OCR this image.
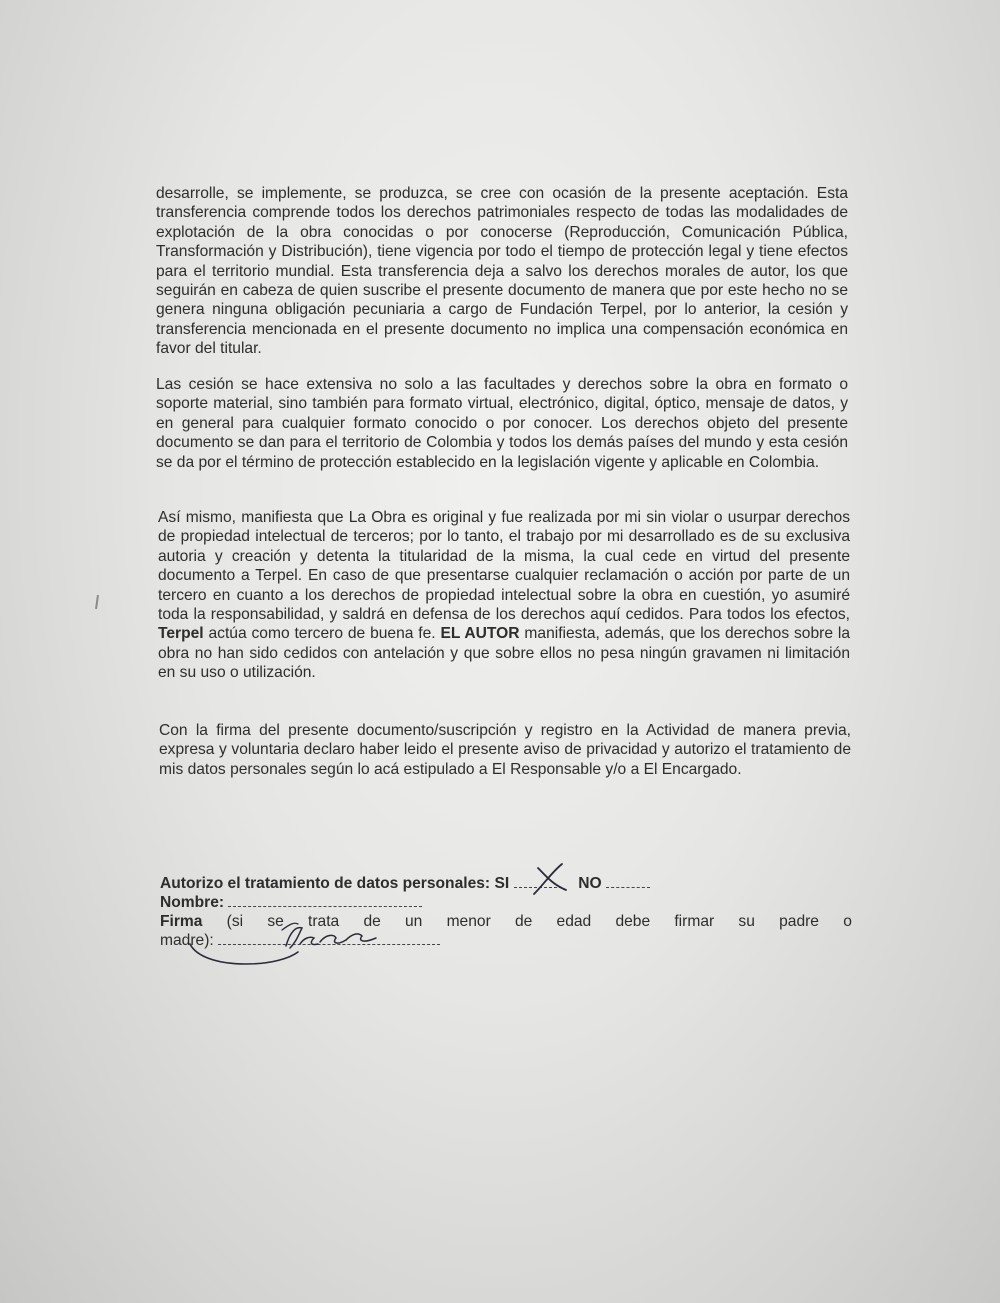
desarrolle, se implemente, se produzca, se cree con ocasión de la presente aceptación. Esta transferencia comprende todos los derechos patrimoniales respecto de todas las modalidades de explotación de la obra conocidas o por conocerse (Reproducción, Comunicación Pública, Transformación y Distribución), tiene vigencia por todo el tiempo de protección legal y tiene efectos para el territorio mundial. Esta transferencia deja a salvo los derechos morales de autor, los que seguirán en cabeza de quien suscribe el presente documento de manera que por este hecho no se genera ninguna obligación pecuniaria a cargo de Fundación Terpel, por lo anterior, la cesión y transferencia mencionada en el presente documento no implica una compensación económica en favor del titular.

Las cesión se hace extensiva no solo a las facultades y derechos sobre la obra en formato o soporte material, sino también para formato virtual, electrónico, digital, óptico, mensaje de datos, y en general para cualquier formato conocido o por conocer. Los derechos objeto del presente documento se dan para el territorio de Colombia y todos los demás países del mundo y esta cesión se da por el término de protección establecido en la legislación vigente y aplicable en Colombia.

Así mismo, manifiesta que La Obra es original y fue realizada por mi sin violar o usurpar derechos de propiedad intelectual de terceros; por lo tanto, el trabajo por mi desarrollado es de su exclusiva autoria y creación y detenta la titularidad de la misma, la cual cede en virtud del presente documento a Terpel. En caso de que presentarse cualquier reclamación o acción por parte de un tercero en cuanto a los derechos de propiedad intelectual sobre la obra en cuestión, yo asumiré toda la responsabilidad, y saldrá en defensa de los derechos aquí cedidos. Para todos los efectos, Terpel actúa como tercero de buena fe. EL AUTOR manifiesta, además, que los derechos sobre la obra no han sido cedidos con antelación y que sobre ellos no pesa ningún gravamen ni limitación en su uso o utilización.

Con la firma del presente documento/suscripción y registro en la Actividad de manera previa, expresa y voluntaria declaro haber leido el presente aviso de privacidad y autorizo el tratamiento de mis datos personales según lo acá estipulado a El Responsable y/o a El Encargado.

Autorizo el tratamiento de datos personales: SI	NO
Nombre:
Firma (si se trata de un menor de edad debe firmar su padre o
madre):
